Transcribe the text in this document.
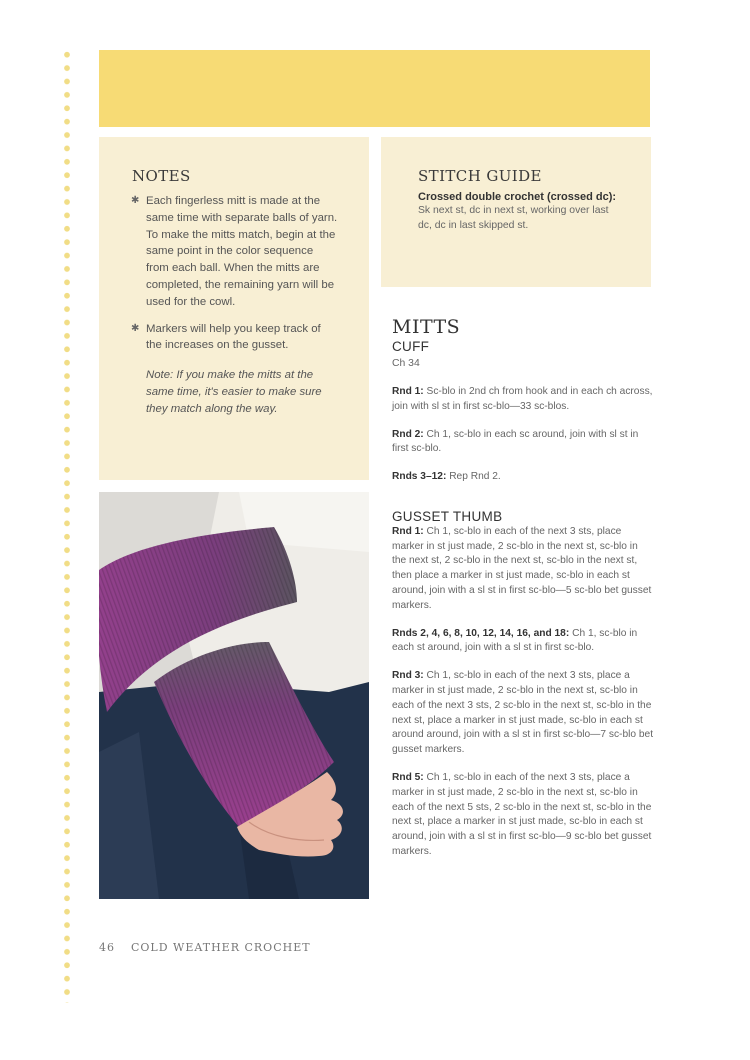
NOTES
✱ Each fingerless mitt is made at the same time with separate balls of yarn. To make the mitts match, begin at the same point in the color sequence from each ball. When the mitts are completed, the remaining yarn will be used for the cowl.
✱ Markers will help you keep track of the increases on the gusset.

Note: If you make the mitts at the same time, it's easier to make sure they match along the way.

STITCH GUIDE
Crossed double crochet (crossed dc):
Sk next st, dc in next st, working over last dc, dc in last skipped st.
MITTS
CUFF
Ch 34

Rnd 1: Sc-blo in 2nd ch from hook and in each ch across, join with sl st in first sc-blo—33 sc-blos.

Rnd 2: Ch 1, sc-blo in each sc around, join with sl st in first sc-blo.

Rnds 3–12: Rep Rnd 2.

GUSSET THUMB

Rnd 1: Ch 1, sc-blo in each of the next 3 sts, place marker in st just made, 2 sc-blo in the next st, sc-blo in the next st, 2 sc-blo in the next st, sc-blo in the next st, then place a marker in st just made, sc-blo in each st around, join with a sl st in first sc-blo—5 sc-blo bet gusset markers.

Rnds 2, 4, 6, 8, 10, 12, 14, 16, and 18: Ch 1, sc-blo in each st around, join with a sl st in first sc-blo.

Rnd 3: Ch 1, sc-blo in each of the next 3 sts, place a marker in st just made, 2 sc-blo in the next st, sc-blo in each of the next 3 sts, 2 sc-blo in the next st, sc-blo in the next st, place a marker in st just made, sc-blo in each st around around, join with a sl st in first sc-blo—7 sc-blo bet gusset markers.

Rnd 5: Ch 1, sc-blo in each of the next 3 sts, place a marker in st just made, 2 sc-blo in the next st, sc-blo in each of the next 5 sts, 2 sc-blo in the next st, sc-blo in the next st, place a marker in st just made, sc-blo in each st around, join with a sl st in first sc-blo—9 sc-blo bet gusset markers.

46 COLD WEATHER CROCHET
